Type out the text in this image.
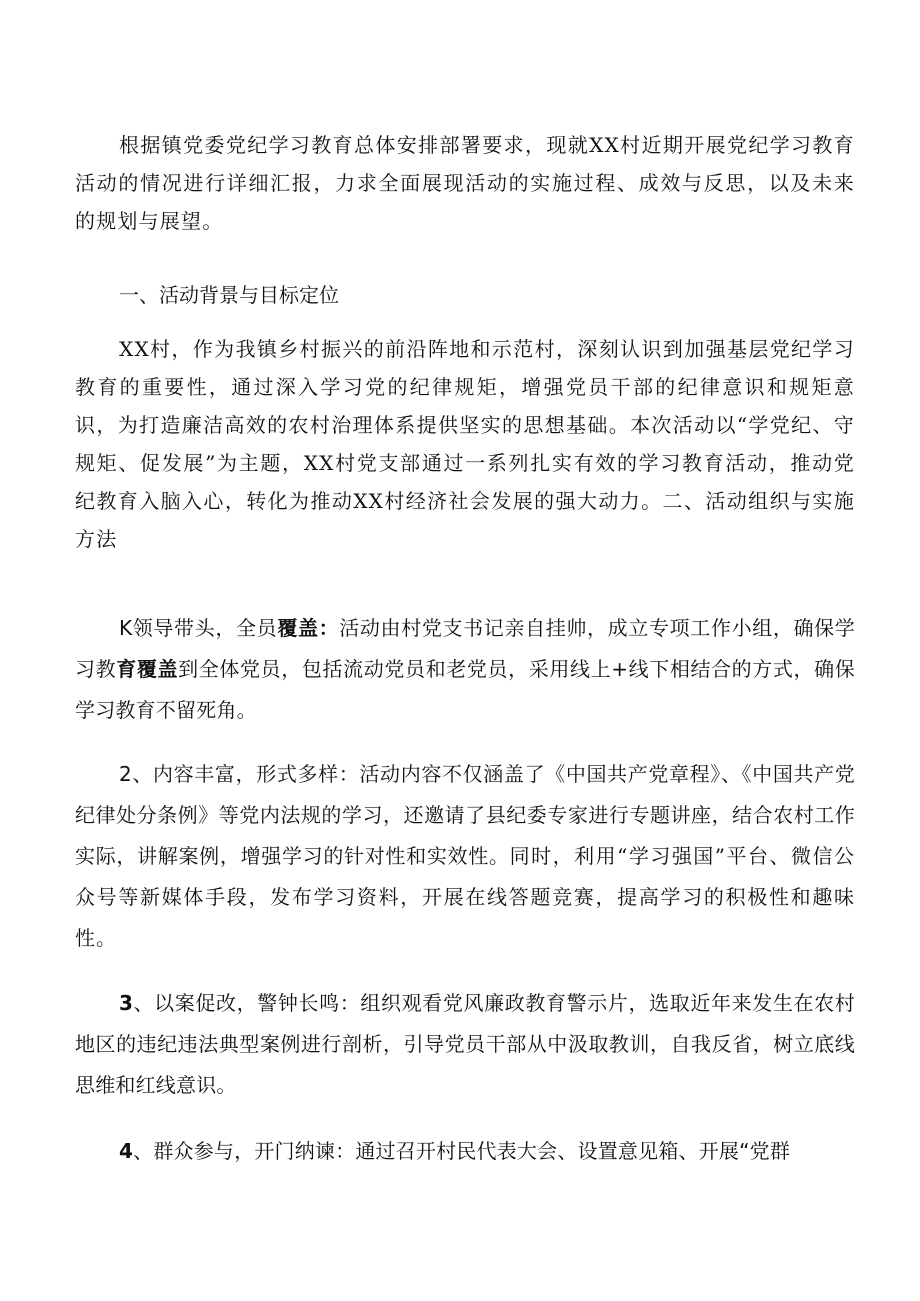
根据镇党委党纪学习教育总体安排部署要求，现就XX村近期开展党纪学习教育活动的情况进行详细汇报，力求全面展现活动的实施过程、成效与反思，以及未来的规划与展望。

一、活动背景与目标定位

XX村，作为我镇乡村振兴的前沿阵地和示范村，深刻认识到加强基层党纪学习教育的重要性，通过深入学习党的纪律规矩，增强党员干部的纪律意识和规矩意识，为打造廉洁高效的农村治理体系提供坚实的思想基础。本次活动以“学党纪、守规矩、促发展”为主题，XX村党支部通过一系列扎实有效的学习教育活动，推动党纪教育入脑入心，转化为推动XX村经济社会发展的强大动力。二、活动组织与实施方法

K领导带头，全员覆盖：活动由村党支书记亲自挂帅，成立专项工作小组，确保学习教育覆盖到全体党员，包括流动党员和老党员，采用线上+线下相结合的方式，确保学习教育不留死角。

2、内容丰富，形式多样：活动内容不仅涵盖了《中国共产党章程》、《中国共产党纪律处分条例》等党内法规的学习，还邀请了县纪委专家进行专题讲座，结合农村工作实际，讲解案例，增强学习的针对性和实效性。同时，利用“学习强国”平台、微信公众号等新媒体手段，发布学习资料，开展在线答题竞赛，提高学习的积极性和趣味性。

3、以案促改，警钟长鸣：组织观看党风廉政教育警示片，选取近年来发生在农村地区的违纪违法典型案例进行剖析，引导党员干部从中汲取教训，自我反省，树立底线思维和红线意识。

4、群众参与，开门纳谏：通过召开村民代表大会、设置意见箱、开展“党群
